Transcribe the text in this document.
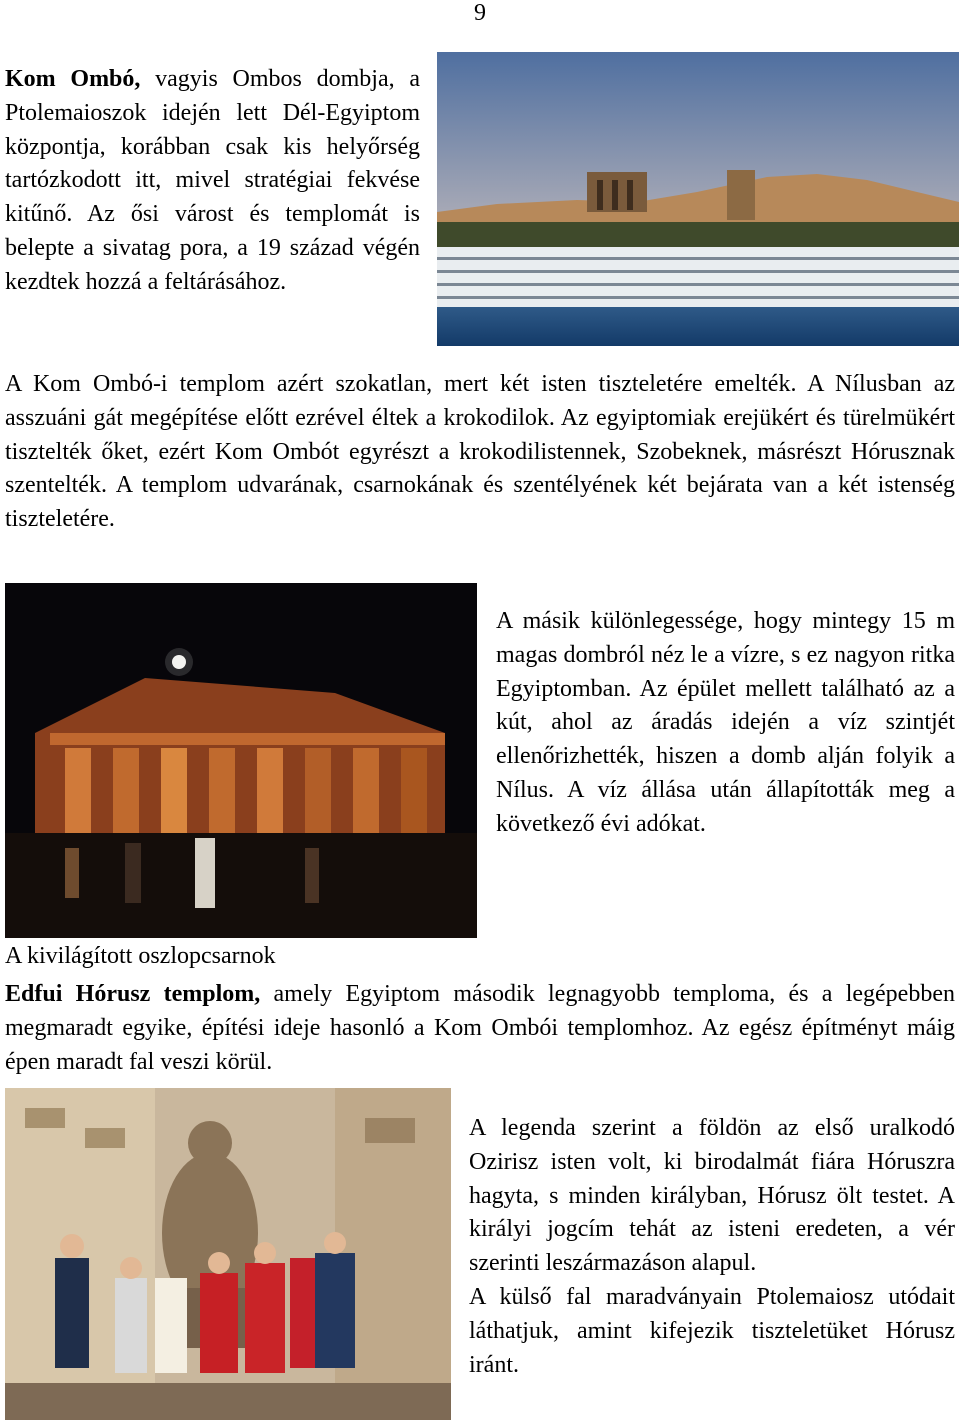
9

Kom Ombó, vagyis Ombos dombja, a Ptolemaioszok idején lett Dél-Egyiptom központja, korábban csak kis helyőrség tartózkodott itt, mivel stratégiai fekvése kitűnő. Az ősi várost és templomát is belepte a sivatag pora, a 19 század végén kezdtek hozzá a feltárásához.

A Kom Ombó-i templom azért szokatlan, mert két isten tiszteletére emelték. A Nílusban az asszuáni gát megépítése előtt ezrével éltek a krokodilok. Az egyiptomiak erejükért és türelmükért tisztelték őket, ezért Kom Ombót egyrészt a krokodilistennek, Szobeknek, másrészt Hórusznak szentelték. A templom udvarának, csarnokának és szentélyének két bejárata van a két istenség tiszteletére.
A másik különlegessége, hogy mintegy 15 m magas dombról néz le a vízre, s ez nagyon ritka Egyiptomban. Az épület mellett található az a kút, ahol az áradás idején a víz szintjét ellenőrizhették, hiszen a domb alján folyik a Nílus. A víz állása után állapították meg a következő évi adókat.
A kivilágított oszlopcsarnok

Edfui Hórusz templom, amely Egyiptom második legnagyobb temploma, és a legépebben megmaradt egyike, építési ideje hasonló a Kom Ombói templomhoz. Az egész építményt máig épen maradt fal veszi körül.

A legenda szerint a földön az első uralkodó Ozirisz isten volt, ki birodalmát fiára Hóruszra hagyta, s minden királyban, Hórusz ölt testet. A királyi jogcím tehát az isteni eredeten, a vér szerinti leszármazáson alapul.

A külső fal maradványain Ptolemaiosz utódait láthatjuk, amint kifejezik tiszteletüket Hórusz iránt.
